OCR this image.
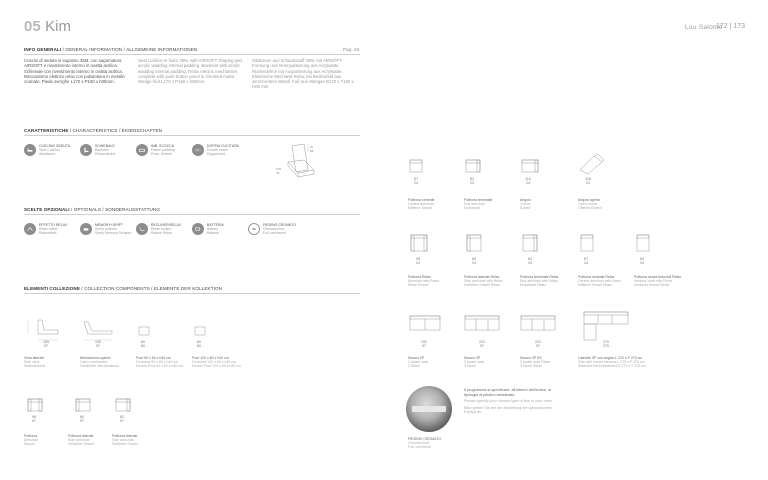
05 Kim
INFO GENERALI / GENERAL INFORMATION / ALLGEMEINE INFORMATIONEN	Pag. 64
Cuscini di seduta in espanso 35M, con sagomatura AIRSOFT e rivestimento interno in ovatta acrilica. Schienale con rivestimento interno in ovatta acrilica. Meccanismo elettrico relax con pulsantiera in metallo cromato. Piede sverghe L170 x P160 x h05mm.
Seat cushion in foam 35M, with AIRSOFT shaping and acrylic wadding internal padding. Backrest with acrylic wadding internal padding. Relax electric mechanism complete with push button panel in chromed metal. Wedge foot L170 x P160 x h05mm.
Sitzkissen aus Schaumstoff 35M, mit AIRSOFT-Formung und Innenpolsterung aus Acrylwatte. Rückenlehne mit Auspolsterung aus Acrylwatte. Elektrische Mechanik Relax mit Bedienfeld aus verchromtem Metall. Fuß aus Wangen B170 x T160 x H05 mm.
CARATTERISTICHE / CHARACTERISTICS / EIGENSCHAFTEN
CUSCINO SEDUTA
Seat Cushion
Sitzkissen
SCHIENALE
Backrest
Rückenlehne
IMB. SCOCCA
Frame padding
Polst. Gestell
DOPPIA CUCITURA
Double seam
Doppelnaht
97
98
105
42
SCELTE OPZIONALI / OPTIONALS / SONDERAUSSTATTUNG
EFFETTO RELAX
Relax effect
Relaxeffekt
MEMORY+DRIFT
Sleep cushion
Sleep Memory Schaum
RECLINER/RELAX
Relax motion
Relaxe Relax
BATTERIA
Battery
Batterie
PIEDINO CROMATO
Chromed foot
Fuß verchromt
ELEMENTI COLLEZIONE / COLLECTION COMPONENTS / ELEMENTE DER KOLLEKTION
105
97
155
97
60
60
60
60
Vista laterale
Side view
Seitenansicht
Meccanismo aperto
Open mechanism
Geöffneter Mechanismus
Pouf 60 x 60 x h40 cm
Footstool 60 x 60 x h40 cm
Hocker Pouf 60 x 60 x h40 cm
Pouf 120 x 60 x h40 cm
Footstool 120 x 60 x h40 cm
Hocker Pouf 120 x 60 x h40 cm
96
97
80
97
82
97
Poltrona
Armchair
Sessel
Poltrona laterale
Side armchair
Seitlicher Sessel
Poltrona laterale
Side armchair
Seitlicher Sessel
Lou Salomé
172 | 173
67
24
82
24
110
24
118
24
Poltrona centrale
Central armchair
Mittlerer Sessel
Poltrona terminale
End armchair
Endsessel
Angolo
Corner
Eckteil
Angolo aperto
Open corner
Offenes Eckteil
96
24
80
24
82
24
67
24
60
24
Poltrona Relax
Armchair with Relax
Relax Sessel
Poltrona laterale Relax
Side armchair with Relax
Seitlicher Sessel Relax
Poltrona terminale Relax
End armchair with Relax
Endsessel Relax
Poltrona centrale Relax
Central armchair with Relax
Mittlerer Sessel Relax
Poltrona senza braccioli Relax
Armless chair with Relax
Armloser Sessel Relax
192
97
222
97
222
97
270
270
Divano 2P
2 seater sofa
2-Sitzer
Divano 3P
3 seater sofa
3-Sitzer
Divano 3P RC
3 seater sofa Relax
3-Sitzer Relax
Laterale SP con angolo L 270 x P 270 cm
Side with corner element L 270 x P 270 cm
Seitenteil mit Eckelement B 270 x T 270 cm
Il programma si specificare: all'interno dell'ordine, la tipologia di piedino desiderato.
Please specify your chosen type of foot in your order.
Bitte geben Sie bei der Bestellung den gewünschten Fußtyp an.
PIEDINO CROMATO
Chromed foot
Fuß verchromt
